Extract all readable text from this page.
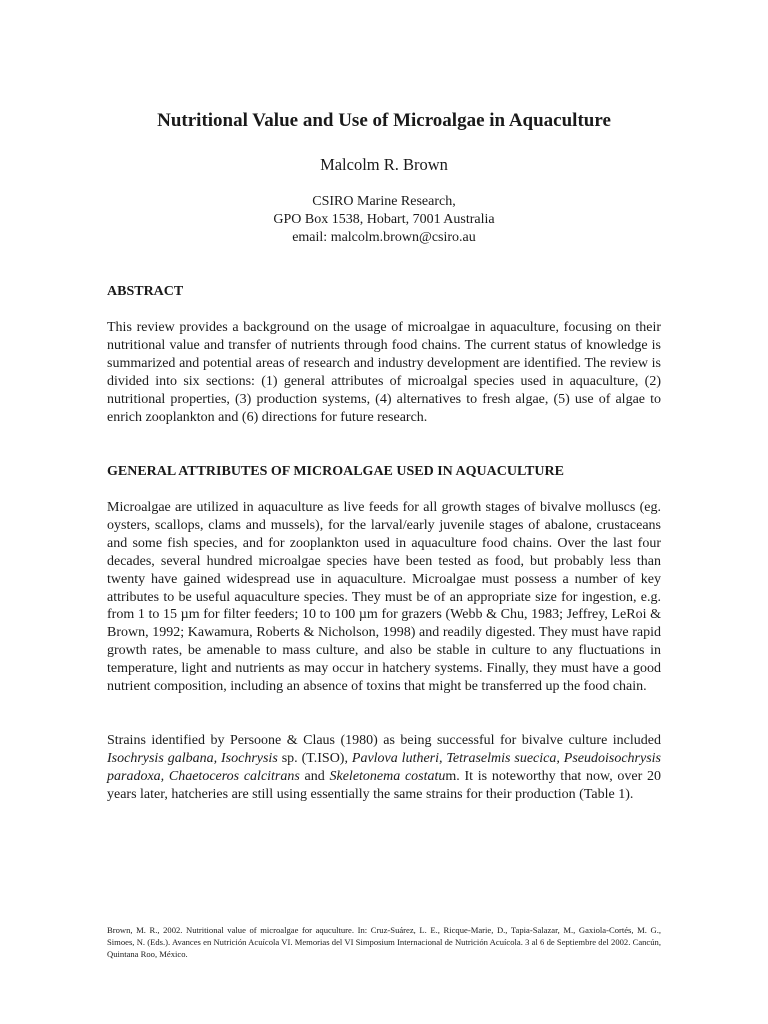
Nutritional Value and Use of Microalgae in Aquaculture
Malcolm R. Brown
CSIRO Marine Research,
GPO Box 1538, Hobart, 7001 Australia
email: malcolm.brown@csiro.au
ABSTRACT

This review provides a background on the usage of microalgae in aquaculture, focusing on their nutritional value and transfer of nutrients through food chains. The current status of knowledge is summarized and potential areas of research and industry development are identified. The review is divided into six sections: (1) general attributes of microalgal species used in aquaculture, (2) nutritional properties, (3) production systems, (4) alternatives to fresh algae, (5) use of algae to enrich zooplankton and (6) directions for future research.

GENERAL ATTRIBUTES OF MICROALGAE USED IN AQUACULTURE

Microalgae are utilized in aquaculture as live feeds for all growth stages of bivalve molluscs (eg. oysters, scallops, clams and mussels), for the larval/early juvenile stages of abalone, crustaceans and some fish species, and for zooplankton used in aquaculture food chains. Over the last four decades, several hundred microalgae species have been tested as food, but probably less than twenty have gained widespread use in aquaculture. Microalgae must possess a number of key attributes to be useful aquaculture species. They must be of an appropriate size for ingestion, e.g. from 1 to 15 µm for filter feeders; 10 to 100 µm for grazers (Webb & Chu, 1983; Jeffrey, LeRoi & Brown, 1992; Kawamura, Roberts & Nicholson, 1998) and readily digested. They must have rapid growth rates, be amenable to mass culture, and also be stable in culture to any fluctuations in temperature, light and nutrients as may occur in hatchery systems. Finally, they must have a good nutrient composition, including an absence of toxins that might be transferred up the food chain.

Strains identified by Persoone & Claus (1980) as being successful for bivalve culture included Isochrysis galbana, Isochrysis sp. (T.ISO), Pavlova lutheri, Tetraselmis suecica, Pseudoisochrysis paradoxa, Chaetoceros calcitrans and Skeletonema costatum. It is noteworthy that now, over 20 years later, hatcheries are still using essentially the same strains for their production (Table 1).

Brown, M. R., 2002. Nutritional value of microalgae for aquculture. In: Cruz-Suárez, L. E., Ricque-Marie, D., Tapia-Salazar, M., Gaxiola-Cortés, M. G., Simoes, N. (Eds.). Avances en Nutrición Acuícola VI. Memorias del VI Simposium Internacional de Nutrición Acuícola. 3 al 6 de Septiembre del 2002. Cancún, Quintana Roo, México.
